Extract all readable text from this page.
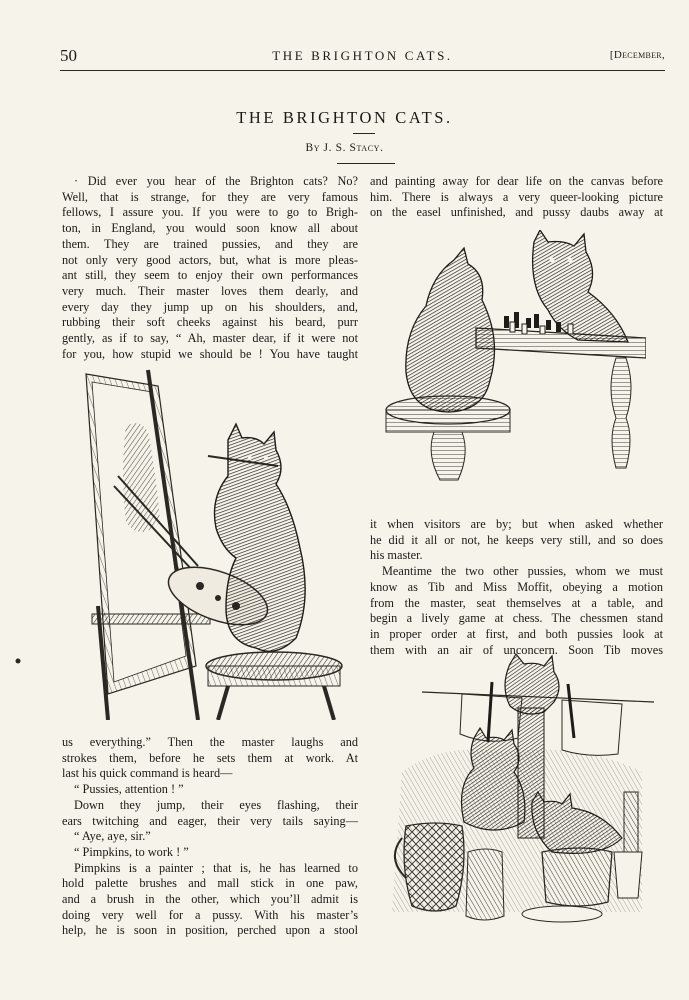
50	THE BRIGHTON CATS.	[December,
THE BRIGHTON CATS.
By J. S. Stacy.

· Did ever you hear of the Brighton cats? No?

Well, that is strange, for they are very famous

fellows, I assure you. If you were to go to Brigh-

ton, in England, you would soon know all about

them. They are trained pussies, and they are

not only very good actors, but, what is more pleas-

ant still, they seem to enjoy their own performances

very much. Their master loves them dearly, and

every day they jump up on his shoulders, and,

rubbing their soft cheeks against his beard, purr

gently, as if to say, “ Ah, master dear, if it were not

for you, how stupid we should be ! You have taught

and painting away for dear life on the canvas before

him. There is always a very queer-looking picture

on the easel unfinished, and pussy daubs away at

it when visitors are by; but when asked whether

he did it all or not, he keeps very still, and so does

his master.

Meantime the two other pussies, whom we must

know as Tib and Miss Moffit, obeying a motion

from the master, seat themselves at a table, and

begin a lively game at chess. The chessmen stand

in proper order at first, and both pussies look at

them with an air of unconcern. Soon Tib moves

us everything.” Then the master laughs and

strokes them, before he sets them at work. At

last his quick command is heard—

“ Pussies, attention ! ”

Down they jump, their eyes flashing, their

ears twitching and eager, their very tails saying—

“ Aye, aye, sir.”

“ Pimpkins, to work ! ”

Pimpkins is a painter ; that is, he has learned to

hold palette brushes and mall stick in one paw,

and a brush in the other, which you’ll admit is

doing very well for a pussy. With his master’s

help, he is soon in position, perched upon a stool
